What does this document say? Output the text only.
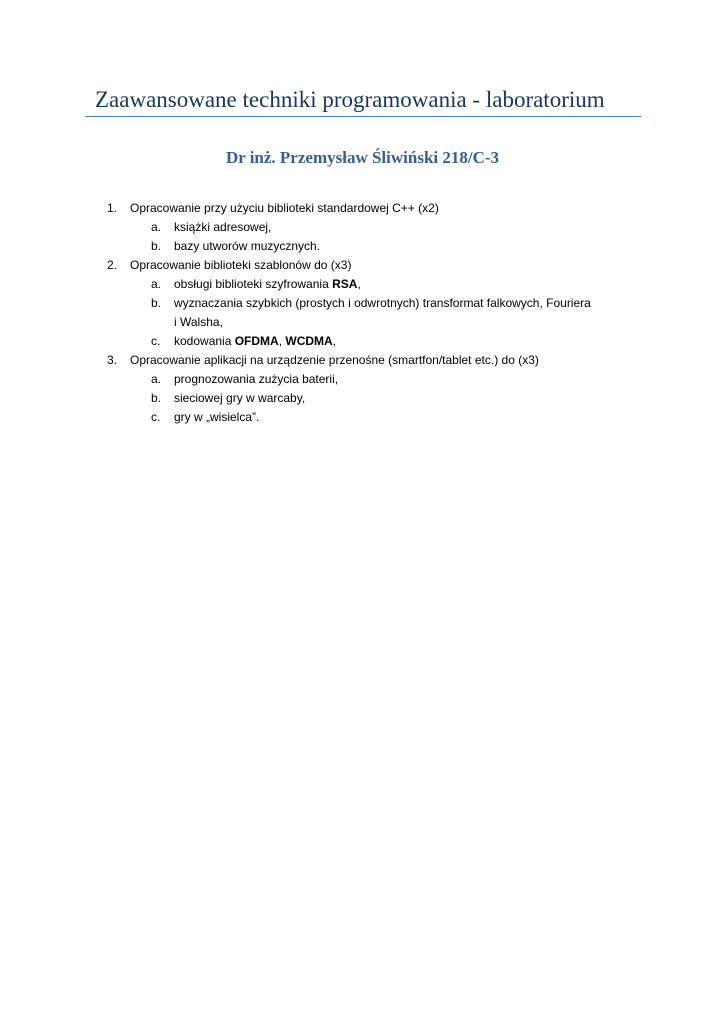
Zaawansowane techniki programowania - laboratorium
Dr inż. Przemysław Śliwiński 218/C-3
1. Opracowanie przy użyciu biblioteki standardowej C++ (x2)
a. książki adresowej,
b. bazy utworów muzycznych.
2. Opracowanie biblioteki szablonów do (x3)
a. obsługi biblioteki szyfrowania RSA,
b. wyznaczania szybkich (prostych i odwrotnych) transformat falkowych, Fouriera
i Walsha,
c. kodowania OFDMA, WCDMA,
3. Opracowanie aplikacji na urządzenie przenośne (smartfon/tablet etc.) do (x3)
a. prognozowania zużycia baterii,
b. sieciowej gry w warcaby,
c. gry w „wisielca”.
